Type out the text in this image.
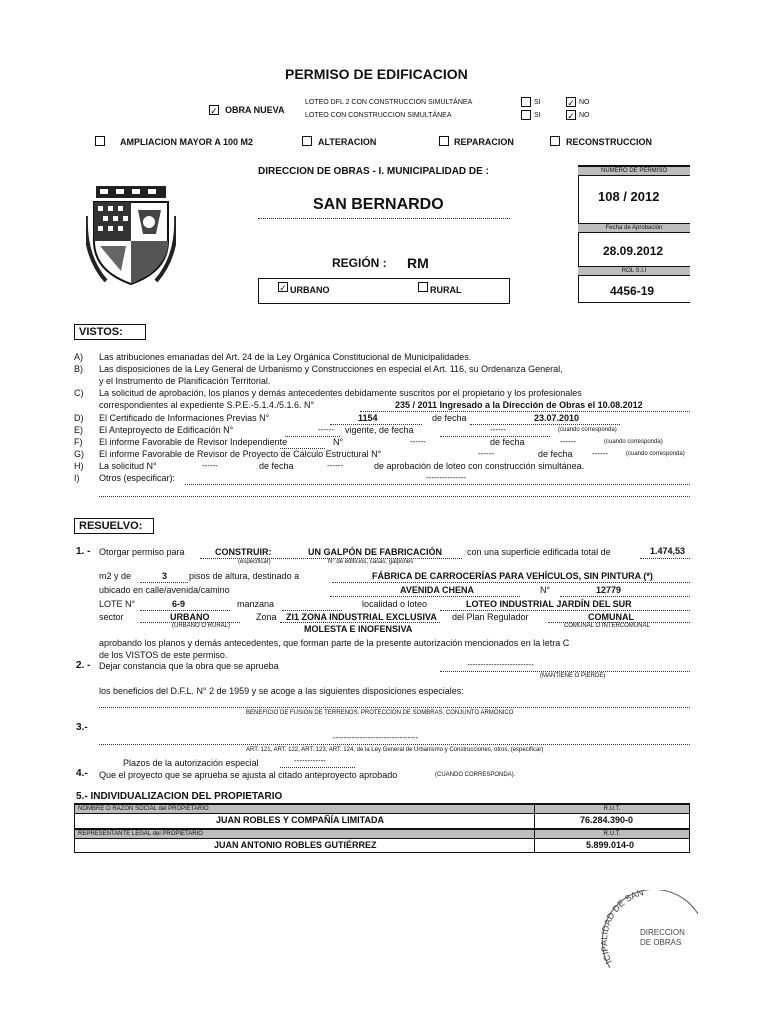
PERMISO DE EDIFICACION
✓ OBRA NUEVA
LOTEO DFL 2 CON CONSTRUCCION SIMULTÁNEA
LOTEO CON CONSTRUCCION SIMULTÁNEA
SI	✓ NO
SI	✓ NO
AMPLIACION MAYOR A 100 M2	ALTERACION	REPARACION	RECONSTRUCCION
DIRECCION DE OBRAS - I. MUNICIPALIDAD DE :
SAN BERNARDO
REGIÓN : RM
✓ URBANO	RURAL
NUMERO DE PERMISO
108 / 2012
Fecha de Aprobación
28.09.2012
ROL S.I.I
4456-19
VISTOS:
A) Las atribuciones emanadas del Art. 24 de la Ley Orgánica Constitucional de Municipalidades.
B) Las disposiciones de la Ley General de Urbanismo y Construcciones en especial el Art. 116, su Ordenanza General,
y el Instrumento de Planificación Territorial.
C) La solicitud de aprobación, los planos y demás antecedentes debidamente suscritos por el propietario y los profesionales
correspondientes al expediente S.P.E.-5.1.4./5.1.6. N°	235 / 2011 Ingresado a la Dirección de Obras el 10.08.2012
D) El Certificado de Informaciones Previas N°	1154	de fecha	23.07.2010
E) El Anteproyecto de Edificación N°	------ vigente, de fecha	------	(cuando corresponda)
F) El informe Favorable de Revisor Independiente	N°	------	de fecha	------	(cuando corresponda)
G) El informe Favorable de Revisor de Proyecto de Cálculo Estructural N°	------	de fecha ------	(cuando corresponda)
H) La solicitud N°	------	de fecha	------	de aprobación de loteo con construcción simultánea.
I) Otros (especificar):	---------------
RESUELVO:
1. - Otorgar permiso para	CONSTRUIR:
(especificar)
UN GALPÓN DE FABRICACIÓN
N° de edificios, casas, galpones
con una superficie edificada total de	1.474,53
m2 y de	3 pisos de altura, destinado a	FÁBRICA DE CARROCERÍAS PARA VEHÍCULOS, SIN PINTURA (*)
ubicado en calle/avenida/camino	AVENIDA CHENA	N°	12779
LOTE N°	6-9	manzana	localidad o loteo	LOTEO INDUSTRIAL JARDÍN DEL SUR
sector	URBANO
(URBANO O RURAL)
Zona ZI1 ZONA INDUSTRIAL EXCLUSIVA
MOLESTA E INOFENSIVA
del Plan Regulador	COMUNAL
COMUNAL O INTERCOMUNAL
aprobando los planos y demás antecedentes, que forman parte de la presente autorización mencionados en la letra C
de los VISTOS de este permiso.
2. - Dejar constancia que la obra que se aprueba	-------------------------
(MANTIENE O PIERDE)
los beneficios del D.F.L. N° 2 de 1959 y se acoge a las siguientes disposiciones especiales:
BENEFICIO DE FUSIÓN DE TERRENOS, PROTECCIÓN DE SOMBRAS, CONJUNTO ARMÓNICO
3.-
--------------------------------
ART. 121, ART. 122, ART. 123, ART. 124, de la Ley General de Urbanismo y Construcciones, otros, (especificar)
Plazos de la autorización especial	------------
4.- Que el proyecto que se aprueba se ajusta al citado anteproyecto aprobado	(CUANDO CORRESPONDA).
5.- INDIVIDUALIZACION DEL PROPIETARIO
NOMBRE O RAZÓN SOCIAL del PROPIETARIO	R.U.T.
JUAN ROBLES Y COMPAÑÍA LIMITADA	76.284.390-0
REPRESENTANTE LEGAL del PROPIETARIO	R.U.T.
JUAN ANTONIO ROBLES GUTIÉRREZ	5.899.014-0
ICIPALIDAD DE SAN
DIRECCION
DE OBRAS
